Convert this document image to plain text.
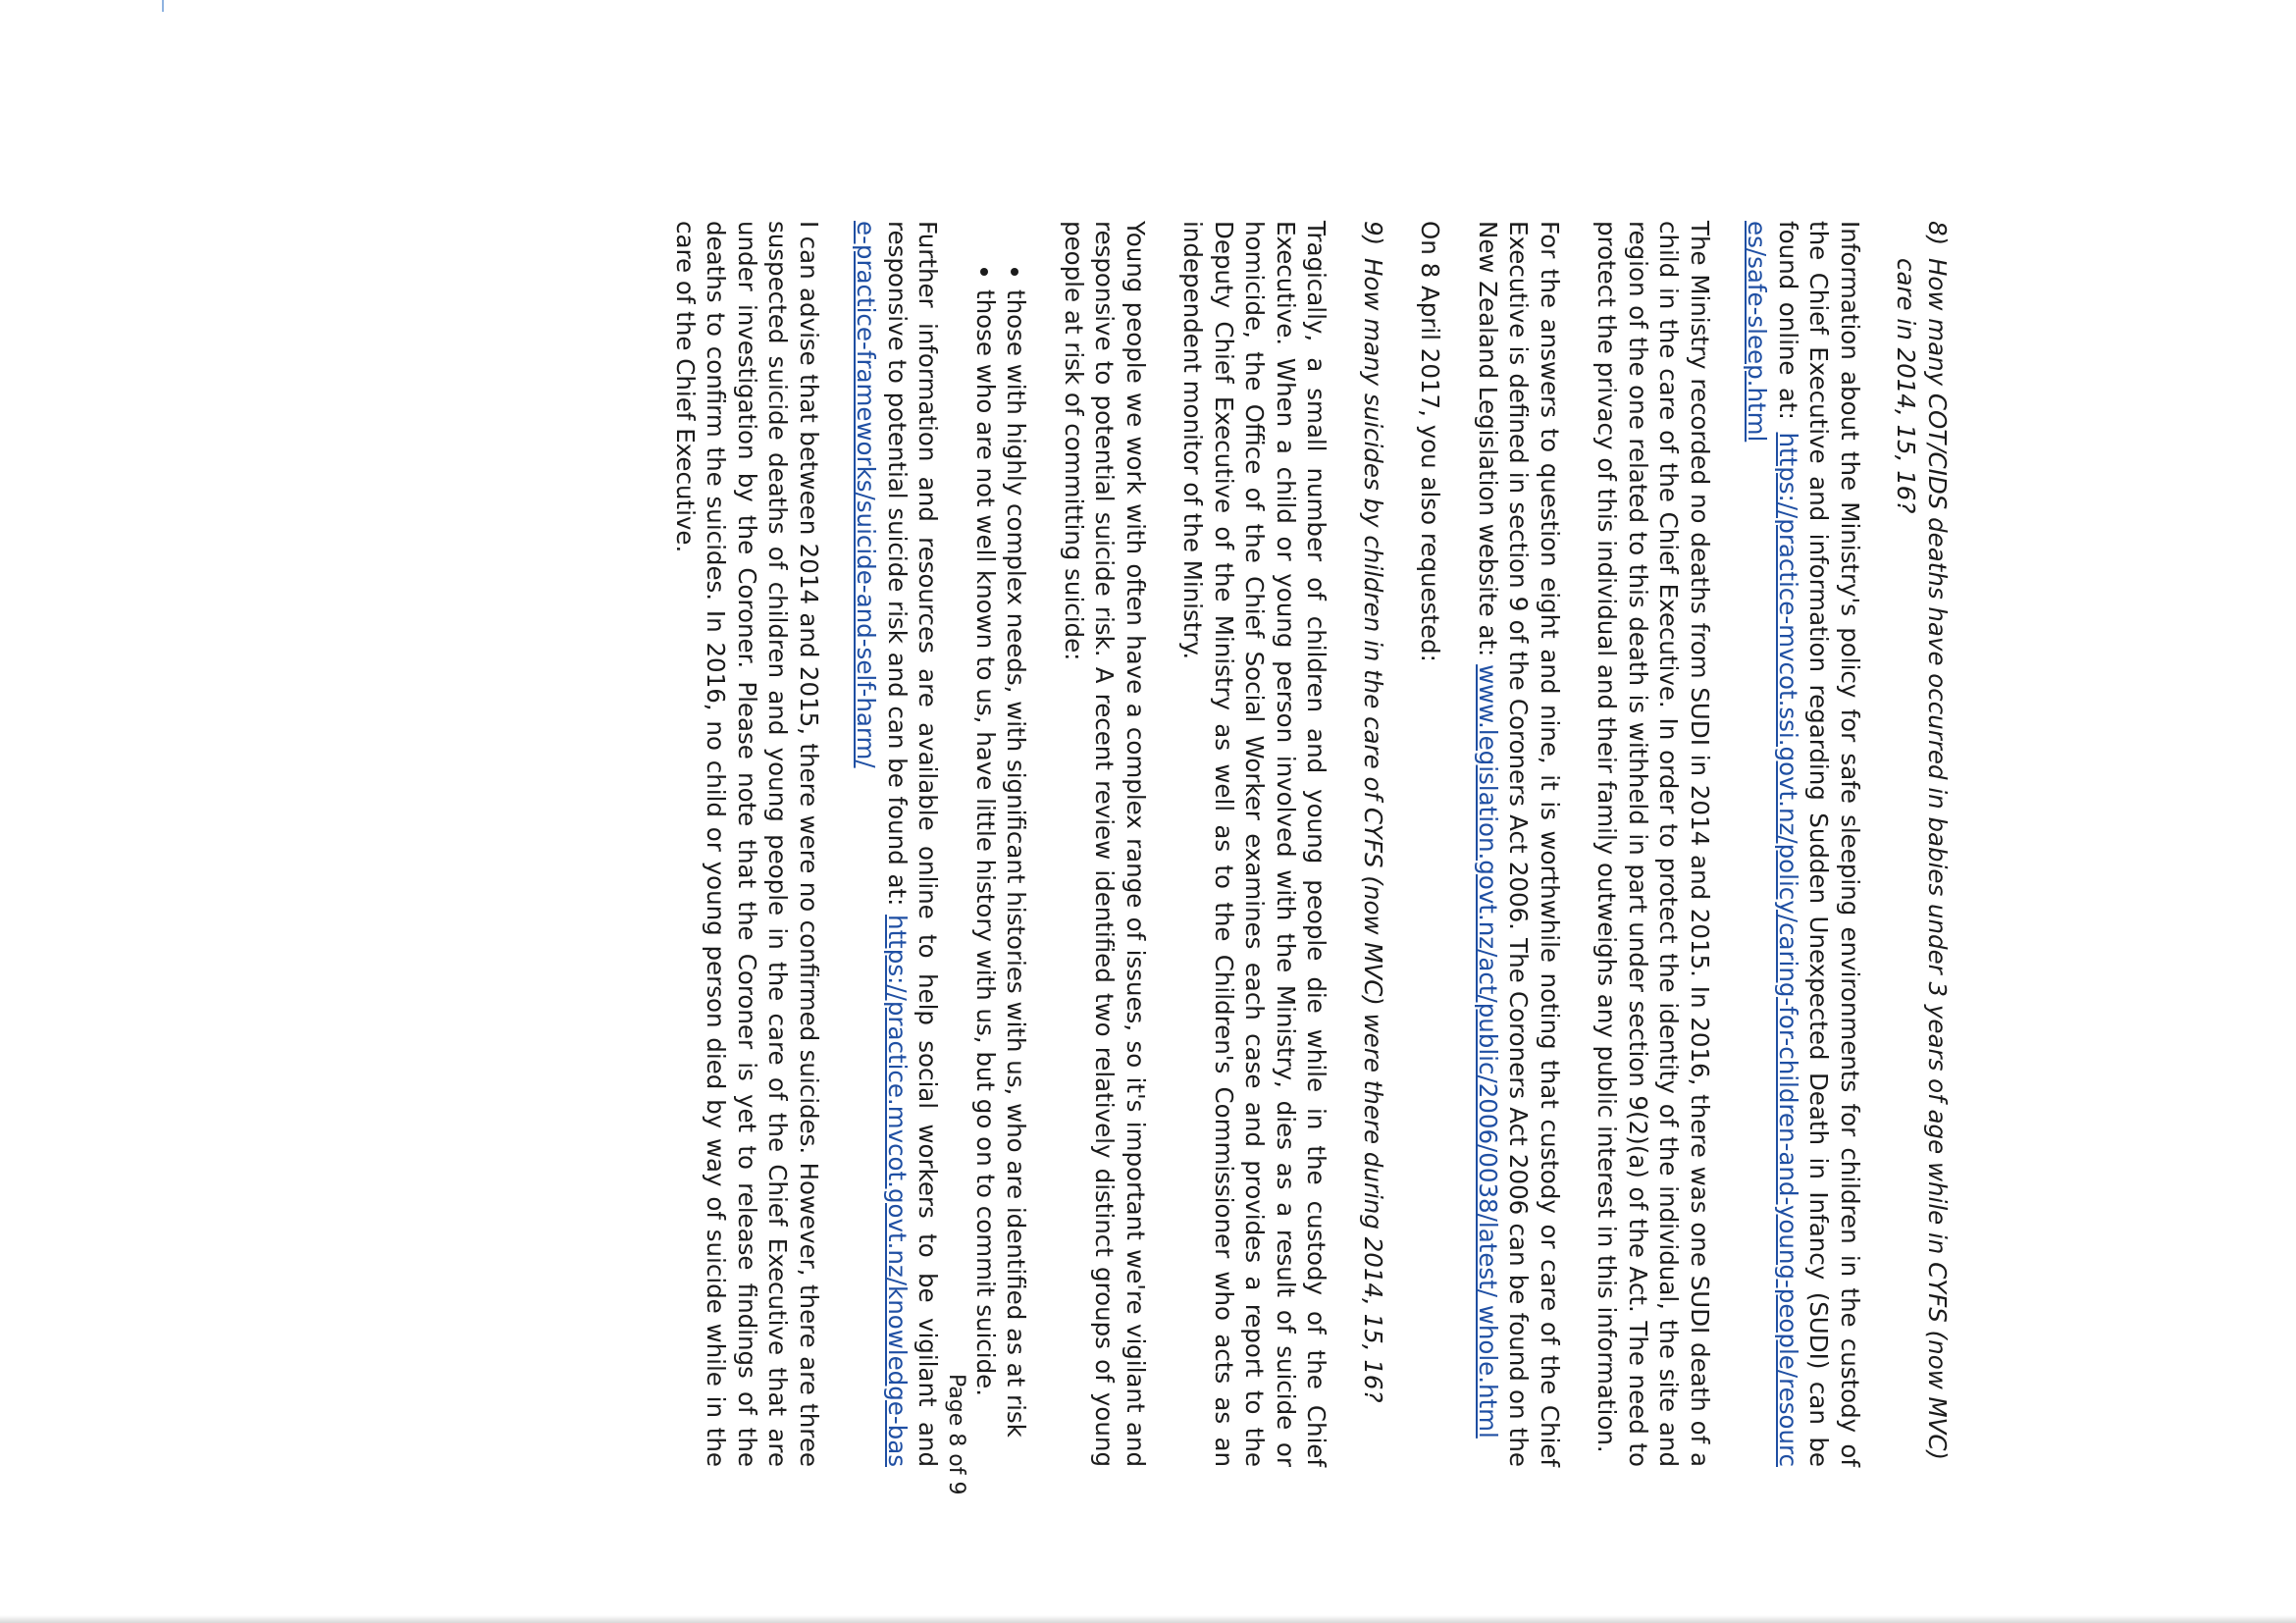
8)
How many COT/CIDS deaths have occurred in babies under 3 years of age while in CYFS (now MVC) care in 2014, 15, 16?

Information about the Ministry's policy for safe sleeping environments for children in the custody of the Chief Executive and information regarding Sudden Unexpected Death in Infancy (SUDI) can be found online at: https://practice-mvcot.ssi.govt.nz/policy/caring-for-children-and-young-people/resources/safe-sleep.html

The Ministry recorded no deaths from SUDI in 2014 and 2015. In 2016, there was one SUDI death of a child in the care of the Chief Executive. In order to protect the identity of the individual, the site and region of the one related to this death is withheld in part under section 9(2)(a) of the Act. The need to protect the privacy of this individual and their family outweighs any public interest in this information.

For the answers to question eight and nine, it is worthwhile noting that custody or care of the Chief Executive is defined in section 9 of the Coroners Act 2006. The Coroners Act 2006 can be found on the New Zealand Legislation website at: www.legislation.govt.nz/act/public/2006/0038/latest/ whole.html

On 8 April 2017, you also requested:

9)
How many suicides by children in the care of CYFS (now MVC) were there during 2014, 15, 16?

Tragically, a small number of children and young people die while in the custody of the Chief Executive. When a child or young person involved with the Ministry, dies as a result of suicide or homicide, the Office of the Chief Social Worker examines each case and provides a report to the Deputy Chief Executive of the Ministry as well as to the Children's Commissioner who acts as an independent monitor of the Ministry.

Young people we work with often have a complex range of issues, so it's important we're vigilant and responsive to potential suicide risk. A recent review identified two relatively distinct groups of young people at risk of committing suicide:

• those with highly complex needs, with significant histories with us, who are identified as at risk
• those who are not well known to us, have little history with us, but go on to commit suicide.

Further information and resources are available online to help social workers to be vigilant and responsive to potential suicide risk and can be found at: https://practice.mvcot.govt.nz/knowledge-base-practice-frameworks/suicide-and-self-harm/

I can advise that between 2014 and 2015, there were no confirmed suicides. However, there are three suspected suicide deaths of children and young people in the care of the Chief Executive that are under investigation by the Coroner. Please note that the Coroner is yet to release findings of the deaths to confirm the suicides. In 2016, no child or young person died by way of suicide while in the care of the Chief Executive.

Page 8 of 9
